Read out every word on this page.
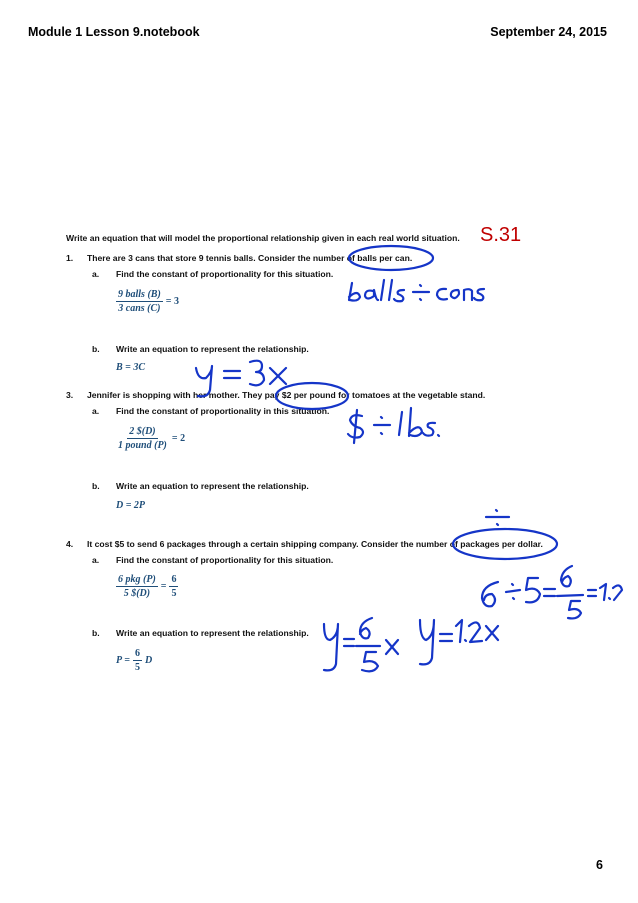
Module 1 Lesson 9.notebook	September 24, 2015
S.31
Write an equation that will model the proportional relationship given in each real world situation.
1. There are 3 cans that store 9 tennis balls. Consider the number of balls per can.
a. Find the constant of proportionality for this situation.
$\frac{\text{9 balls (B)}}{\text{3 cans (C)}} = 3$
b. Write an equation to represent the relationship.
B = 3C
3. Jennifer is shopping with her mother. They pay $2 per pound for tomatoes at the vegetable stand.
a. Find the constant of proportionality in this situation.
$\frac{2 \$(D)}{\text{1 pound (P)}} = 2$
b. Write an equation to represent the relationship.
D = 2P
4. It cost $5 to send 6 packages through a certain shipping company. Consider the number of packages per dollar.
a. Find the constant of proportionality for this situation.
$\frac{\text{6 pkg (P)}}{5 \$(D)} = \frac{6}{5}$
b. Write an equation to represent the relationship.
$P = \frac{6}{5}$ D
6
